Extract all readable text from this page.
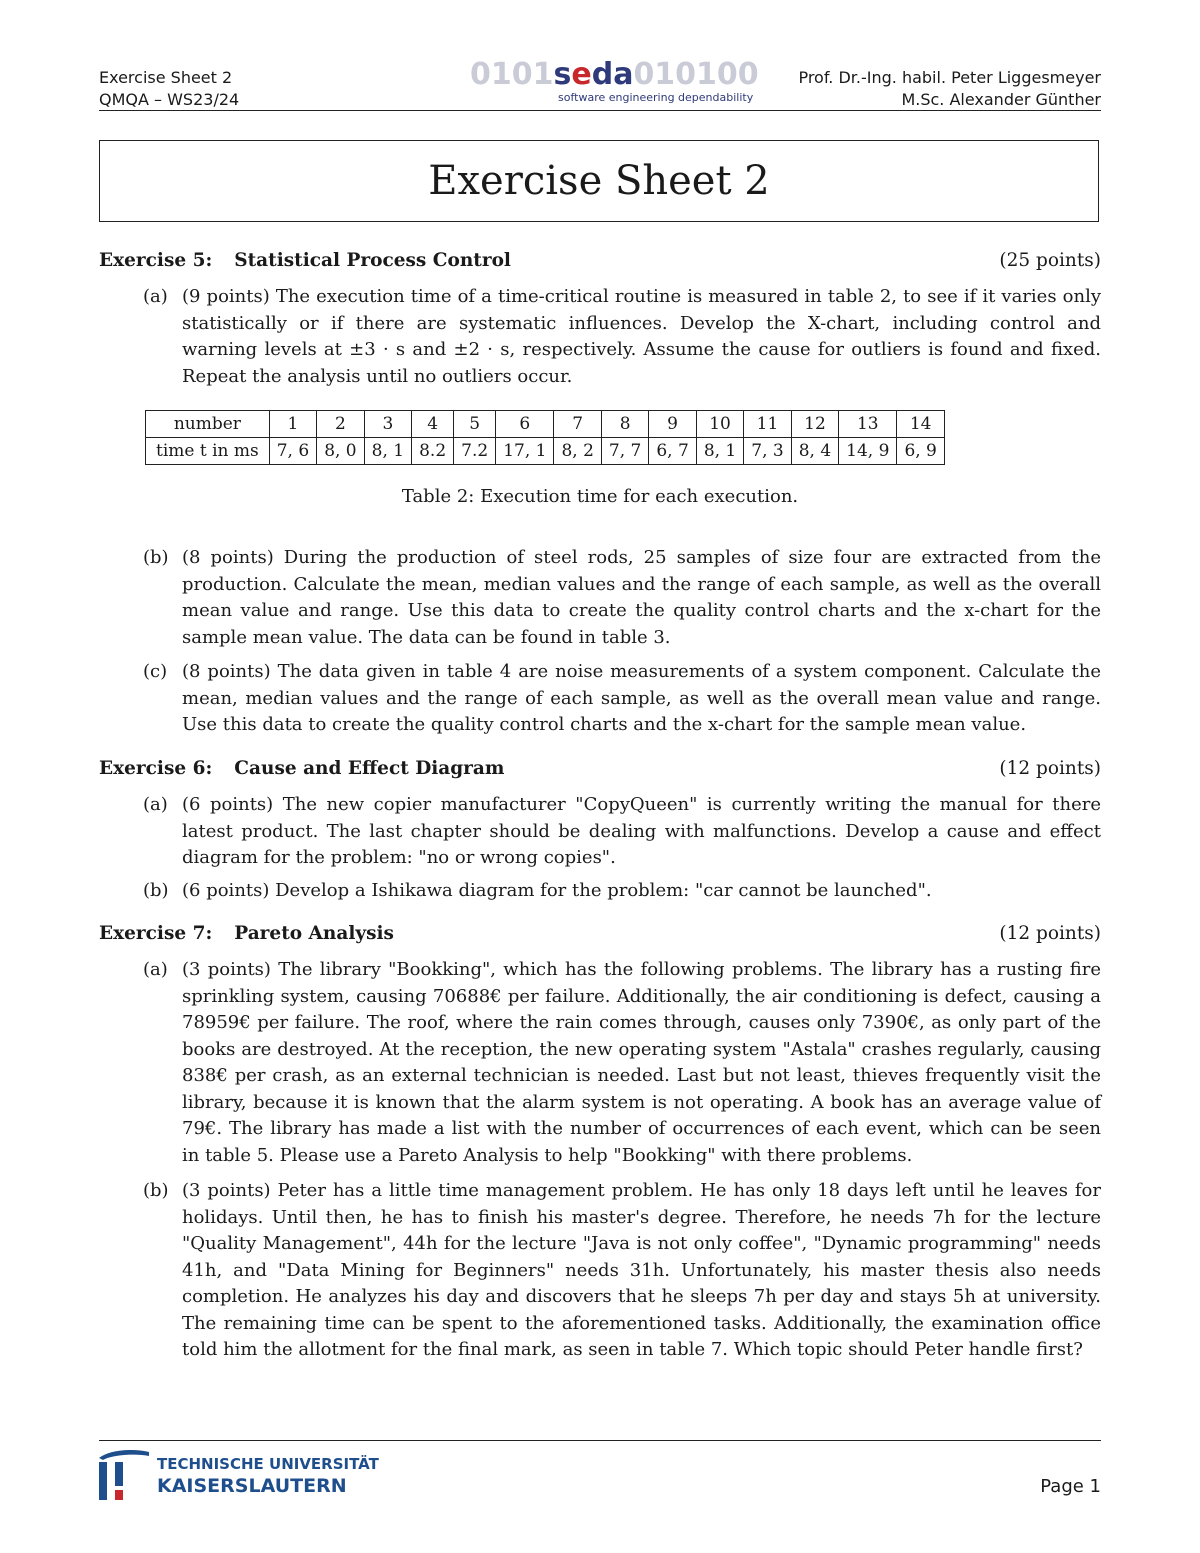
Exercise Sheet 2
QMQA – WS23/24
0101seda010100
software engineering dependability
Prof. Dr.-Ing. habil. Peter Liggesmeyer
M.Sc. Alexander Günther
Exercise Sheet 2
Exercise 5: Statistical Process Control	(25 points)
(a) (9 points) The execution time of a time-critical routine is measured in table 2, to see if it varies only statistically or if there are systematic influences. Develop the X-chart, including control and warning levels at ±3 · s and ±2 · s, respectively. Assume the cause for outliers is found and fixed. Repeat the analysis until no outliers occur.
number	1	2	3	4	5	6	7	8	9	10	11	12	13	14
time t in ms	7, 6	8, 0	8, 1	8.2	7.2	17, 1	8, 2	7, 7	6, 7	8, 1	7, 3	8, 4	14, 9	6, 9
Table 2: Execution time for each execution.
(b) (8 points) During the production of steel rods, 25 samples of size four are extracted from the production. Calculate the mean, median values and the range of each sample, as well as the overall mean value and range. Use this data to create the quality control charts and the x-chart for the sample mean value. The data can be found in table 3.
(c) (8 points) The data given in table 4 are noise measurements of a system component. Calculate the mean, median values and the range of each sample, as well as the overall mean value and range. Use this data to create the quality control charts and the x-chart for the sample mean value.
Exercise 6: Cause and Effect Diagram	(12 points)
(a) (6 points) The new copier manufacturer "CopyQueen" is currently writing the manual for there latest product. The last chapter should be dealing with malfunctions. Develop a cause and effect diagram for the problem: "no or wrong copies".
(b) (6 points) Develop a Ishikawa diagram for the problem: "car cannot be launched".
Exercise 7: Pareto Analysis	(12 points)
(a) (3 points) The library "Bookking", which has the following problems. The library has a rusting fire sprinkling system, causing 70688€ per failure. Additionally, the air conditioning is defect, causing a 78959€ per failure. The roof, where the rain comes through, causes only 7390€, as only part of the books are destroyed. At the reception, the new operating system "Astala" crashes regularly, causing 838€ per crash, as an external technician is needed. Last but not least, thieves frequently visit the library, because it is known that the alarm system is not operating. A book has an average value of 79€. The library has made a list with the number of occurrences of each event, which can be seen in table 5. Please use a Pareto Analysis to help "Bookking" with there problems.
(b) (3 points) Peter has a little time management problem. He has only 18 days left until he leaves for holidays. Until then, he has to finish his master's degree. Therefore, he needs 7h for the lecture "Quality Management", 44h for the lecture "Java is not only coffee", "Dynamic programming" needs 41h, and "Data Mining for Beginners" needs 31h. Unfortunately, his master thesis also needs completion. He analyzes his day and discovers that he sleeps 7h per day and stays 5h at university. The remaining time can be spent to the aforementioned tasks. Additionally, the examination office told him the allotment for the final mark, as seen in table 7. Which topic should Peter handle first?
TECHNISCHE UNIVERSITÄT
KAISERSLAUTERN	Page 1
